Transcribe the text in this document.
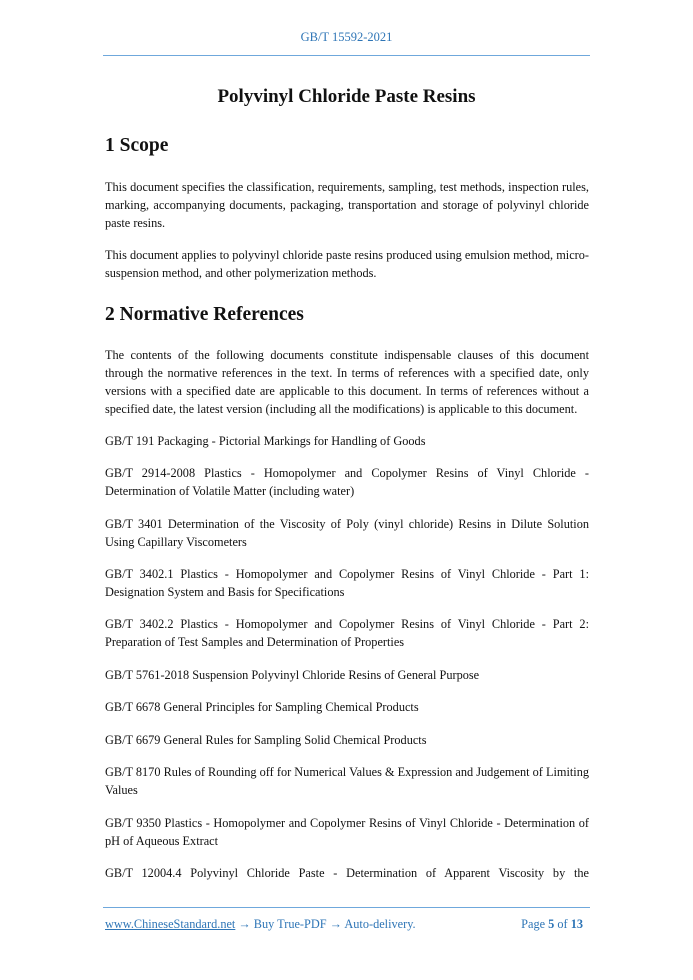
GB/T 15592-2021
Polyvinyl Chloride Paste Resins
1 Scope
This document specifies the classification, requirements, sampling, test methods, inspection rules, marking, accompanying documents, packaging, transportation and storage of polyvinyl chloride paste resins.
This document applies to polyvinyl chloride paste resins produced using emulsion method, micro-suspension method, and other polymerization methods.
2 Normative References
The contents of the following documents constitute indispensable clauses of this document through the normative references in the text. In terms of references with a specified date, only versions with a specified date are applicable to this document. In terms of references without a specified date, the latest version (including all the modifications) is applicable to this document.
GB/T 191 Packaging - Pictorial Markings for Handling of Goods
GB/T 2914-2008 Plastics - Homopolymer and Copolymer Resins of Vinyl Chloride - Determination of Volatile Matter (including water)
GB/T 3401 Determination of the Viscosity of Poly (vinyl chloride) Resins in Dilute Solution Using Capillary Viscometers
GB/T 3402.1 Plastics - Homopolymer and Copolymer Resins of Vinyl Chloride - Part 1: Designation System and Basis for Specifications
GB/T 3402.2 Plastics - Homopolymer and Copolymer Resins of Vinyl Chloride - Part 2: Preparation of Test Samples and Determination of Properties
GB/T 5761-2018 Suspension Polyvinyl Chloride Resins of General Purpose
GB/T 6678 General Principles for Sampling Chemical Products
GB/T 6679 General Rules for Sampling Solid Chemical Products
GB/T 8170 Rules of Rounding off for Numerical Values & Expression and Judgement of Limiting Values
GB/T 9350 Plastics - Homopolymer and Copolymer Resins of Vinyl Chloride - Determination of pH of Aqueous Extract
GB/T 12004.4 Polyvinyl Chloride Paste - Determination of Apparent Viscosity by the
www.ChineseStandard.net → Buy True-PDF → Auto-delivery.	Page 5 of 13
